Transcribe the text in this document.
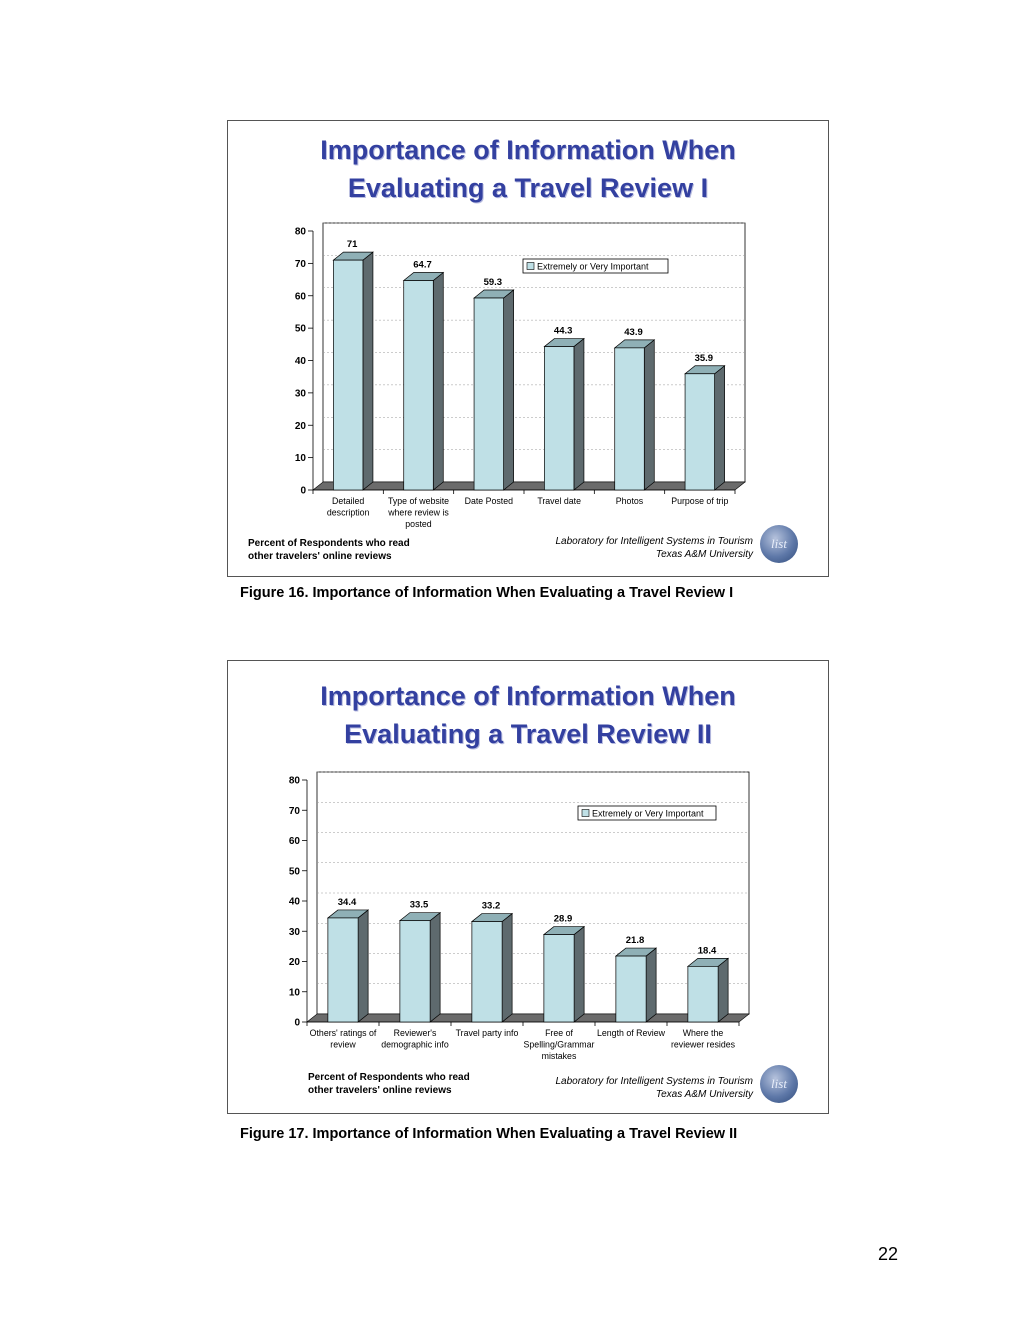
Importance of Information When
Evaluating a Travel Review I
0
10
20
30
40
50
60
70
80
71
Detailed
description
64.7
Type of website
where review is
posted
59.3
Date Posted
44.3
Travel date
43.9
Photos
35.9
Purpose of trip
Extremely or Very Important
Percent of Respondents who read
other travelers' online reviews
Laboratory for Intelligent Systems in Tourism
Texas A&M University
list
Figure 16. Importance of Information When Evaluating a Travel Review I
Importance of Information When
Evaluating a Travel Review II
0
10
20
30
40
50
60
70
80
34.4
Others' ratings of
review
33.5
Reviewer's
demographic info
33.2
Travel party info
28.9
Free of
Spelling/Grammar
mistakes
21.8
Length of Review
18.4
Where the
reviewer resides
Extremely or Very Important
Percent of Respondents who read
other travelers' online reviews
Laboratory for Intelligent Systems in Tourism
Texas A&M University
list
Figure 17. Importance of Information When Evaluating a Travel Review II
22
